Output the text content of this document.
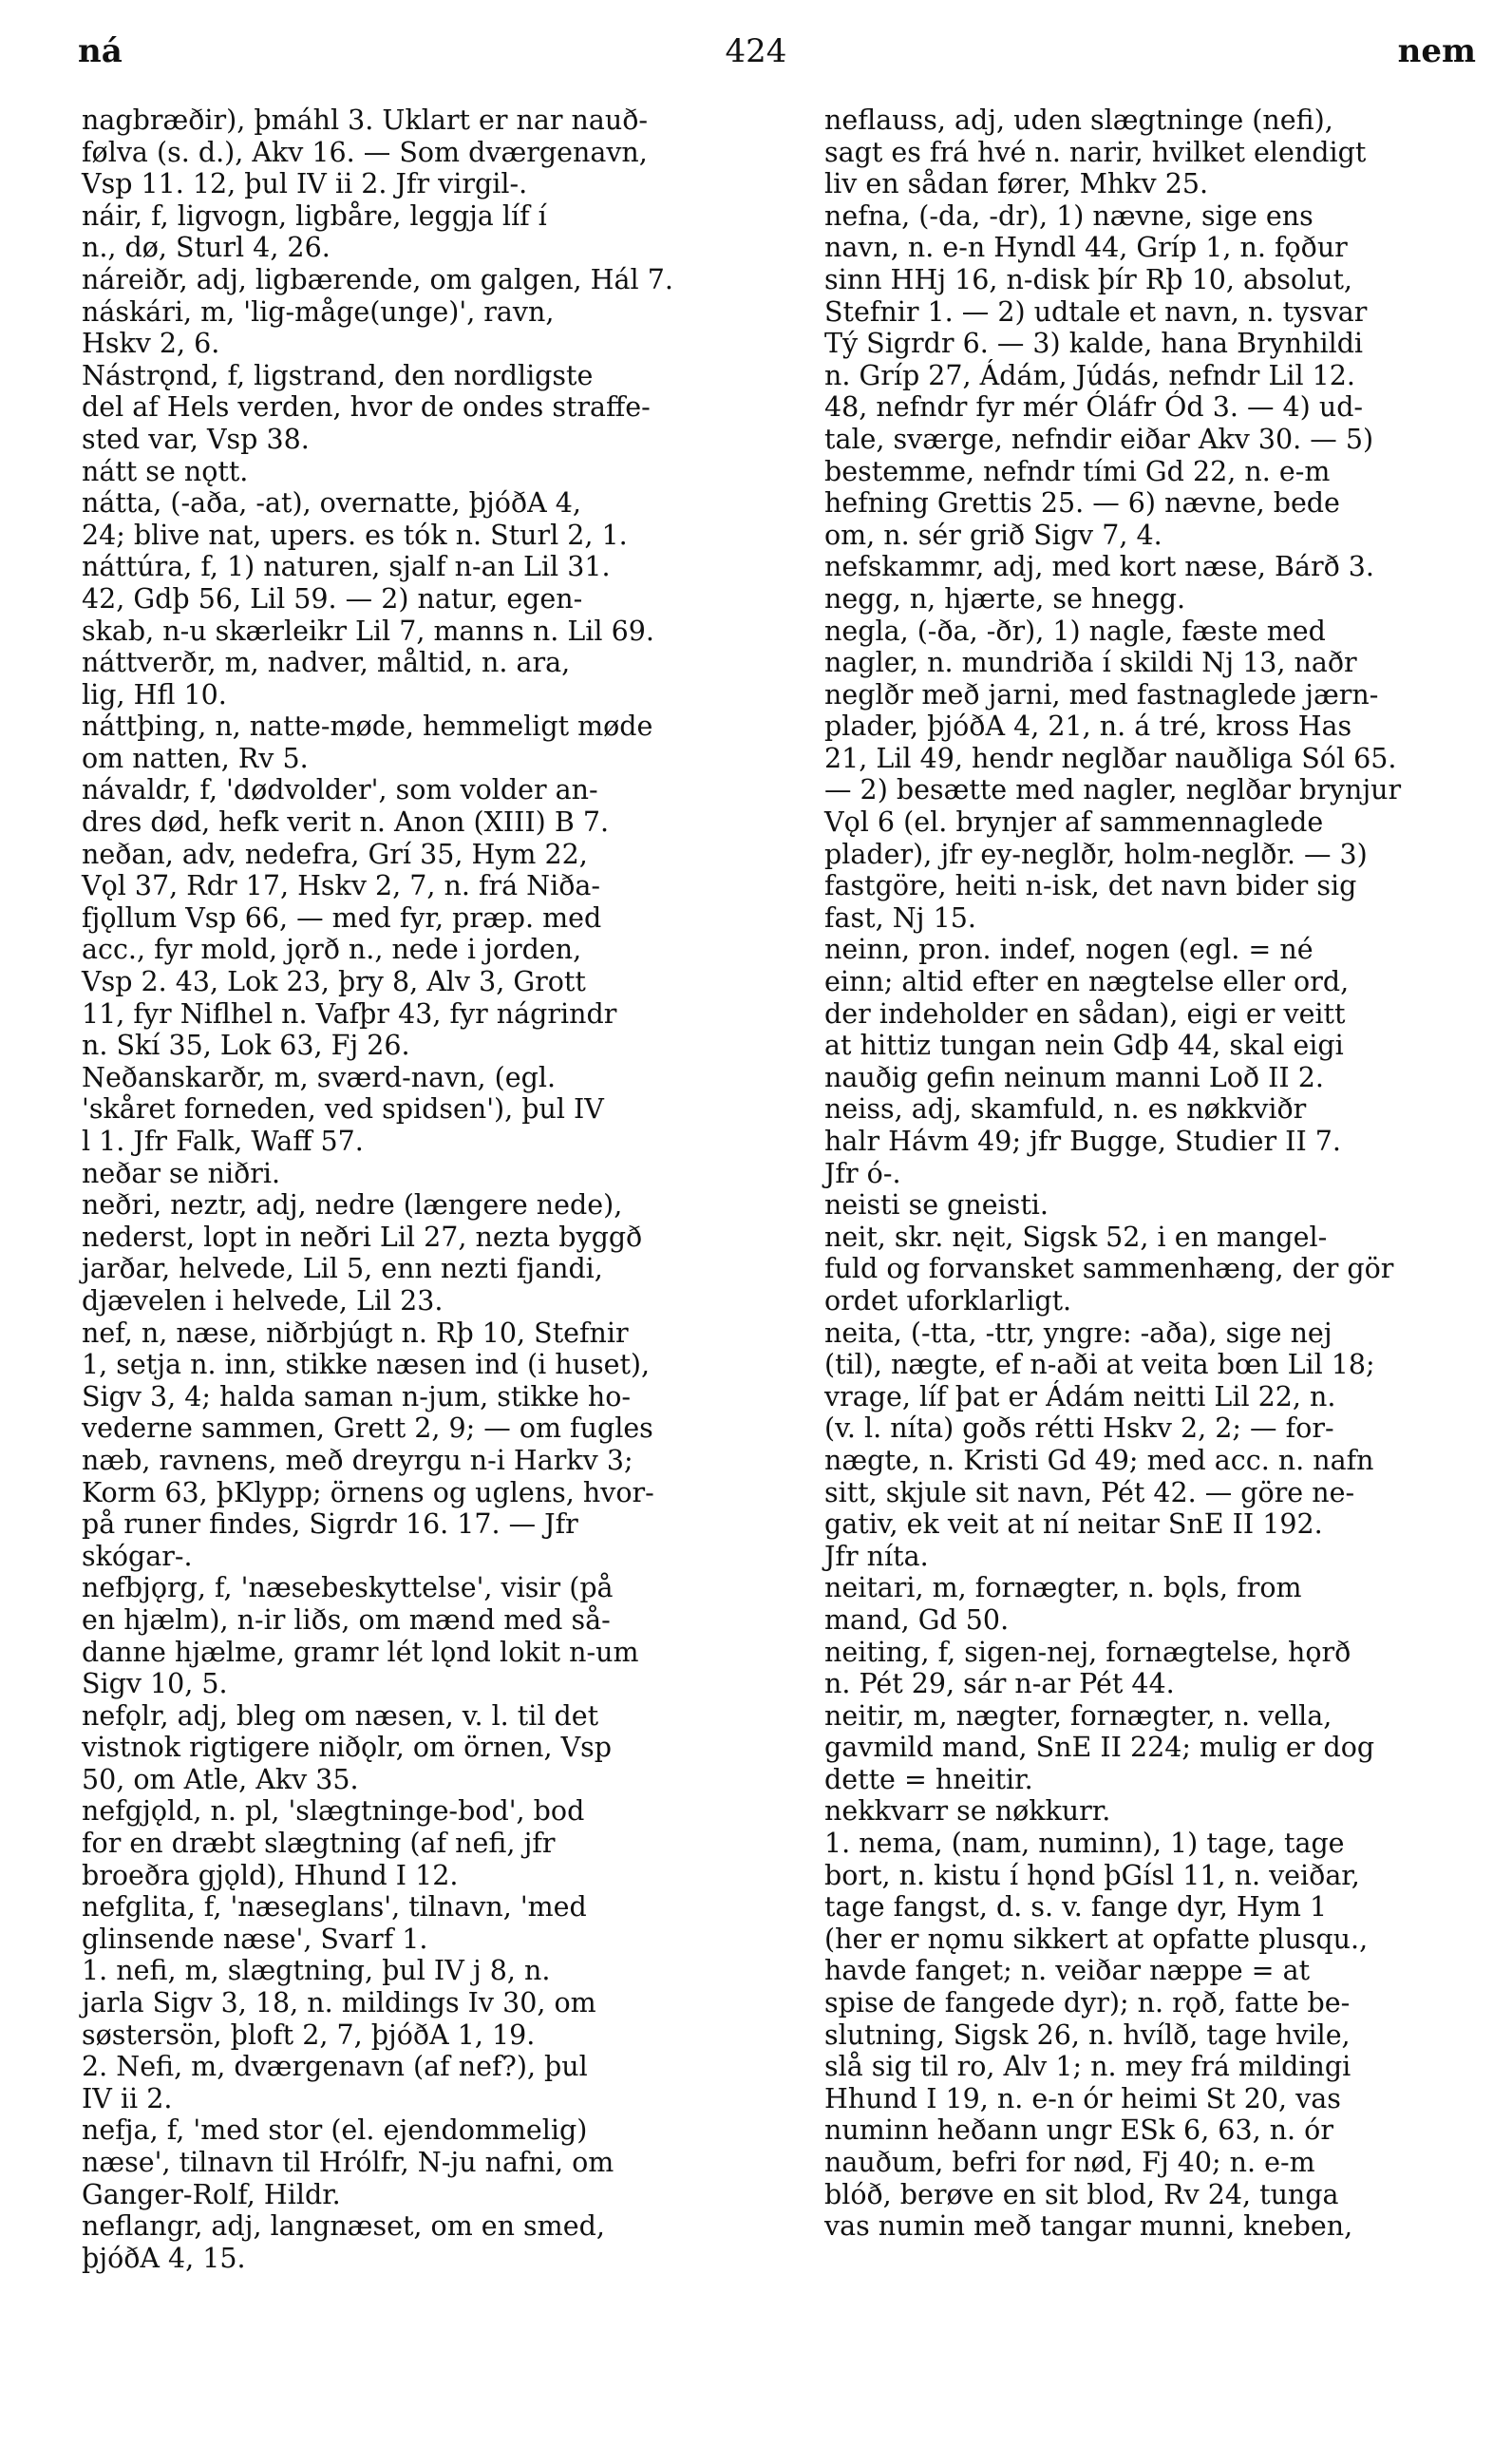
ná	424	nem

nagbræðir), þmáhl 3. Uklart er nar nauð-

følva (s. d.), Akv 16. — Som dværgenavn,

Vsp 11. 12, þul IV ii 2. Jfr virgil-.

náir, f, ligvogn, ligbåre, leggja líf í

n., dø, Sturl 4, 26.

náreiðr, adj, ligbærende, om galgen, Hál 7.

náskári, m, 'lig-måge(unge)', ravn,

Hskv 2, 6.

Nástrǫnd, f, ligstrand, den nordligste

del af Hels verden, hvor de ondes straffe-

sted var, Vsp 38.

nátt se nǫtt.

nátta, (-aða, -at), overnatte, þjóðA 4,

24; blive nat, upers. es tók n. Sturl 2, 1.

náttúra, f, 1) naturen, sjalf n-an Lil 31.

42, Gdþ 56, Lil 59. — 2) natur, egen-

skab, n-u skærleikr Lil 7, manns n. Lil 69.

náttverðr, m, nadver, måltid, n. ara,

lig, Hfl 10.

náttþing, n, natte-møde, hemmeligt møde

om natten, Rv 5.

návaldr, f, 'dødvolder', som volder an-

dres død, hefk verit n. Anon (XIII) B 7.

neðan, adv, nedefra, Grí 35, Hym 22,

Vǫl 37, Rdr 17, Hskv 2, 7, n. frá Niða-

fjǫllum Vsp 66, — med fyr, præp. med

acc., fyr mold, jǫrð n., nede i jorden,

Vsp 2. 43, Lok 23, þry 8, Alv 3, Grott

11, fyr Niflhel n. Vafþr 43, fyr nágrindr

n. Skí 35, Lok 63, Fj 26.

Neðanskarðr, m, sværd-navn, (egl.

'skåret forneden, ved spidsen'), þul IV

l 1. Jfr Falk, Waff 57.

neðar se niðri.

neðri, neztr, adj, nedre (længere nede),

nederst, lopt in neðri Lil 27, nezta byggð

jarðar, helvede, Lil 5, enn nezti fjandi,

djævelen i helvede, Lil 23.

nef, n, næse, niðrbjúgt n. Rþ 10, Stefnir

1, setja n. inn, stikke næsen ind (i huset),

Sigv 3, 4; halda saman n-jum, stikke ho-

vederne sammen, Grett 2, 9; — om fugles

næb, ravnens, með dreyrgu n-i Harkv 3;

Korm 63, þKlypp; örnens og uglens, hvor-

på runer findes, Sigrdr 16. 17. — Jfr

skógar-.

nefbjǫrg, f, 'næsebeskyttelse', visir (på

en hjælm), n-ir liðs, om mænd med så-

danne hjælme, gramr lét lǫnd lokit n-um

Sigv 10, 5.

nefǫlr, adj, bleg om næsen, v. l. til det

vistnok rigtigere niðǫlr, om örnen, Vsp

50, om Atle, Akv 35.

nefgjǫld, n. pl, 'slægtninge-bod', bod

for en dræbt slægtning (af nefi, jfr

broeðra gjǫld), Hhund I 12.

nefglita, f, 'næseglans', tilnavn, 'med

glinsende næse', Svarf 1.

1. nefi, m, slægtning, þul IV j 8, n.

jarla Sigv 3, 18, n. mildings Iv 30, om

søstersön, þloft 2, 7, þjóðA 1, 19.

2. Nefi, m, dværgenavn (af nef?), þul

IV ii 2.

nefja, f, 'med stor (el. ejendommelig)

næse', tilnavn til Hrólfr, N-ju nafni, om

Ganger-Rolf, Hildr.

neflangr, adj, langnæset, om en smed,

þjóðA 4, 15.

neflauss, adj, uden slægtninge (nefi),

sagt es frá hvé n. narir, hvilket elendigt

liv en sådan fører, Mhkv 25.

nefna, (-da, -dr), 1) nævne, sige ens

navn, n. e-n Hyndl 44, Gríp 1, n. fǫður

sinn HHj 16, n-disk þír Rþ 10, absolut,

Stefnir 1. — 2) udtale et navn, n. tysvar

Tý Sigrdr 6. — 3) kalde, hana Brynhildi

n. Gríp 27, Ádám, Júdás, nefndr Lil 12.

48, nefndr fyr mér Óláfr Ód 3. — 4) ud-

tale, sværge, nefndir eiðar Akv 30. — 5)

bestemme, nefndr tími Gd 22, n. e-m

hefning Grettis 25. — 6) nævne, bede

om, n. sér grið Sigv 7, 4.

nefskammr, adj, med kort næse, Bárð 3.

negg, n, hjærte, se hnegg.

negla, (-ða, -ðr), 1) nagle, fæste med

nagler, n. mundriða í skildi Nj 13, naðr

neglðr með jarni, med fastnaglede jærn-

plader, þjóðA 4, 21, n. á tré, kross Has

21, Lil 49, hendr neglðar nauðliga Sól 65.

— 2) besætte med nagler, neglðar brynjur

Vǫl 6 (el. brynjer af sammennaglede

plader), jfr ey-neglðr, holm-neglðr. — 3)

fastgöre, heiti n-isk, det navn bider sig

fast, Nj 15.

neinn, pron. indef, nogen (egl. = né

einn; altid efter en nægtelse eller ord,

der indeholder en sådan), eigi er veitt

at hittiz tungan nein Gdþ 44, skal eigi

nauðig gefin neinum manni Loð II 2.

neiss, adj, skamfuld, n. es nøkkviðr

halr Hávm 49; jfr Bugge, Studier II 7.

Jfr ó-.

neisti se gneisti.

neit, skr. nęit, Sigsk 52, i en mangel-

fuld og forvansket sammenhæng, der gör

ordet uforklarligt.

neita, (-tta, -ttr, yngre: -aða), sige nej

(til), nægte, ef n-aði at veita bœn Lil 18;

vrage, líf þat er Ádám neitti Lil 22, n.

(v. l. níta) goðs rétti Hskv 2, 2; — for-

nægte, n. Kristi Gd 49; med acc. n. nafn

sitt, skjule sit navn, Pét 42. — göre ne-

gativ, ek veit at ní neitar SnE II 192.

Jfr níta.

neitari, m, fornægter, n. bǫls, from

mand, Gd 50.

neiting, f, sigen-nej, fornægtelse, hǫrð

n. Pét 29, sár n-ar Pét 44.

neitir, m, nægter, fornægter, n. vella,

gavmild mand, SnE II 224; mulig er dog

dette = hneitir.

nekkvarr se nøkkurr.

1. nema, (nam, numinn), 1) tage, tage

bort, n. kistu í hǫnd þGísl 11, n. veiðar,

tage fangst, d. s. v. fange dyr, Hym 1

(her er nǫmu sikkert at opfatte plusqu.,

havde fanget; n. veiðar næppe = at

spise de fangede dyr); n. rǫð, fatte be-

slutning, Sigsk 26, n. hvílð, tage hvile,

slå sig til ro, Alv 1; n. mey frá mildingi

Hhund I 19, n. e-n ór heimi St 20, vas

numinn heðann ungr ESk 6, 63, n. ór

nauðum, befri for nød, Fj 40; n. e-m

blóð, berøve en sit blod, Rv 24, tunga

vas numin með tangar munni, kneben,
